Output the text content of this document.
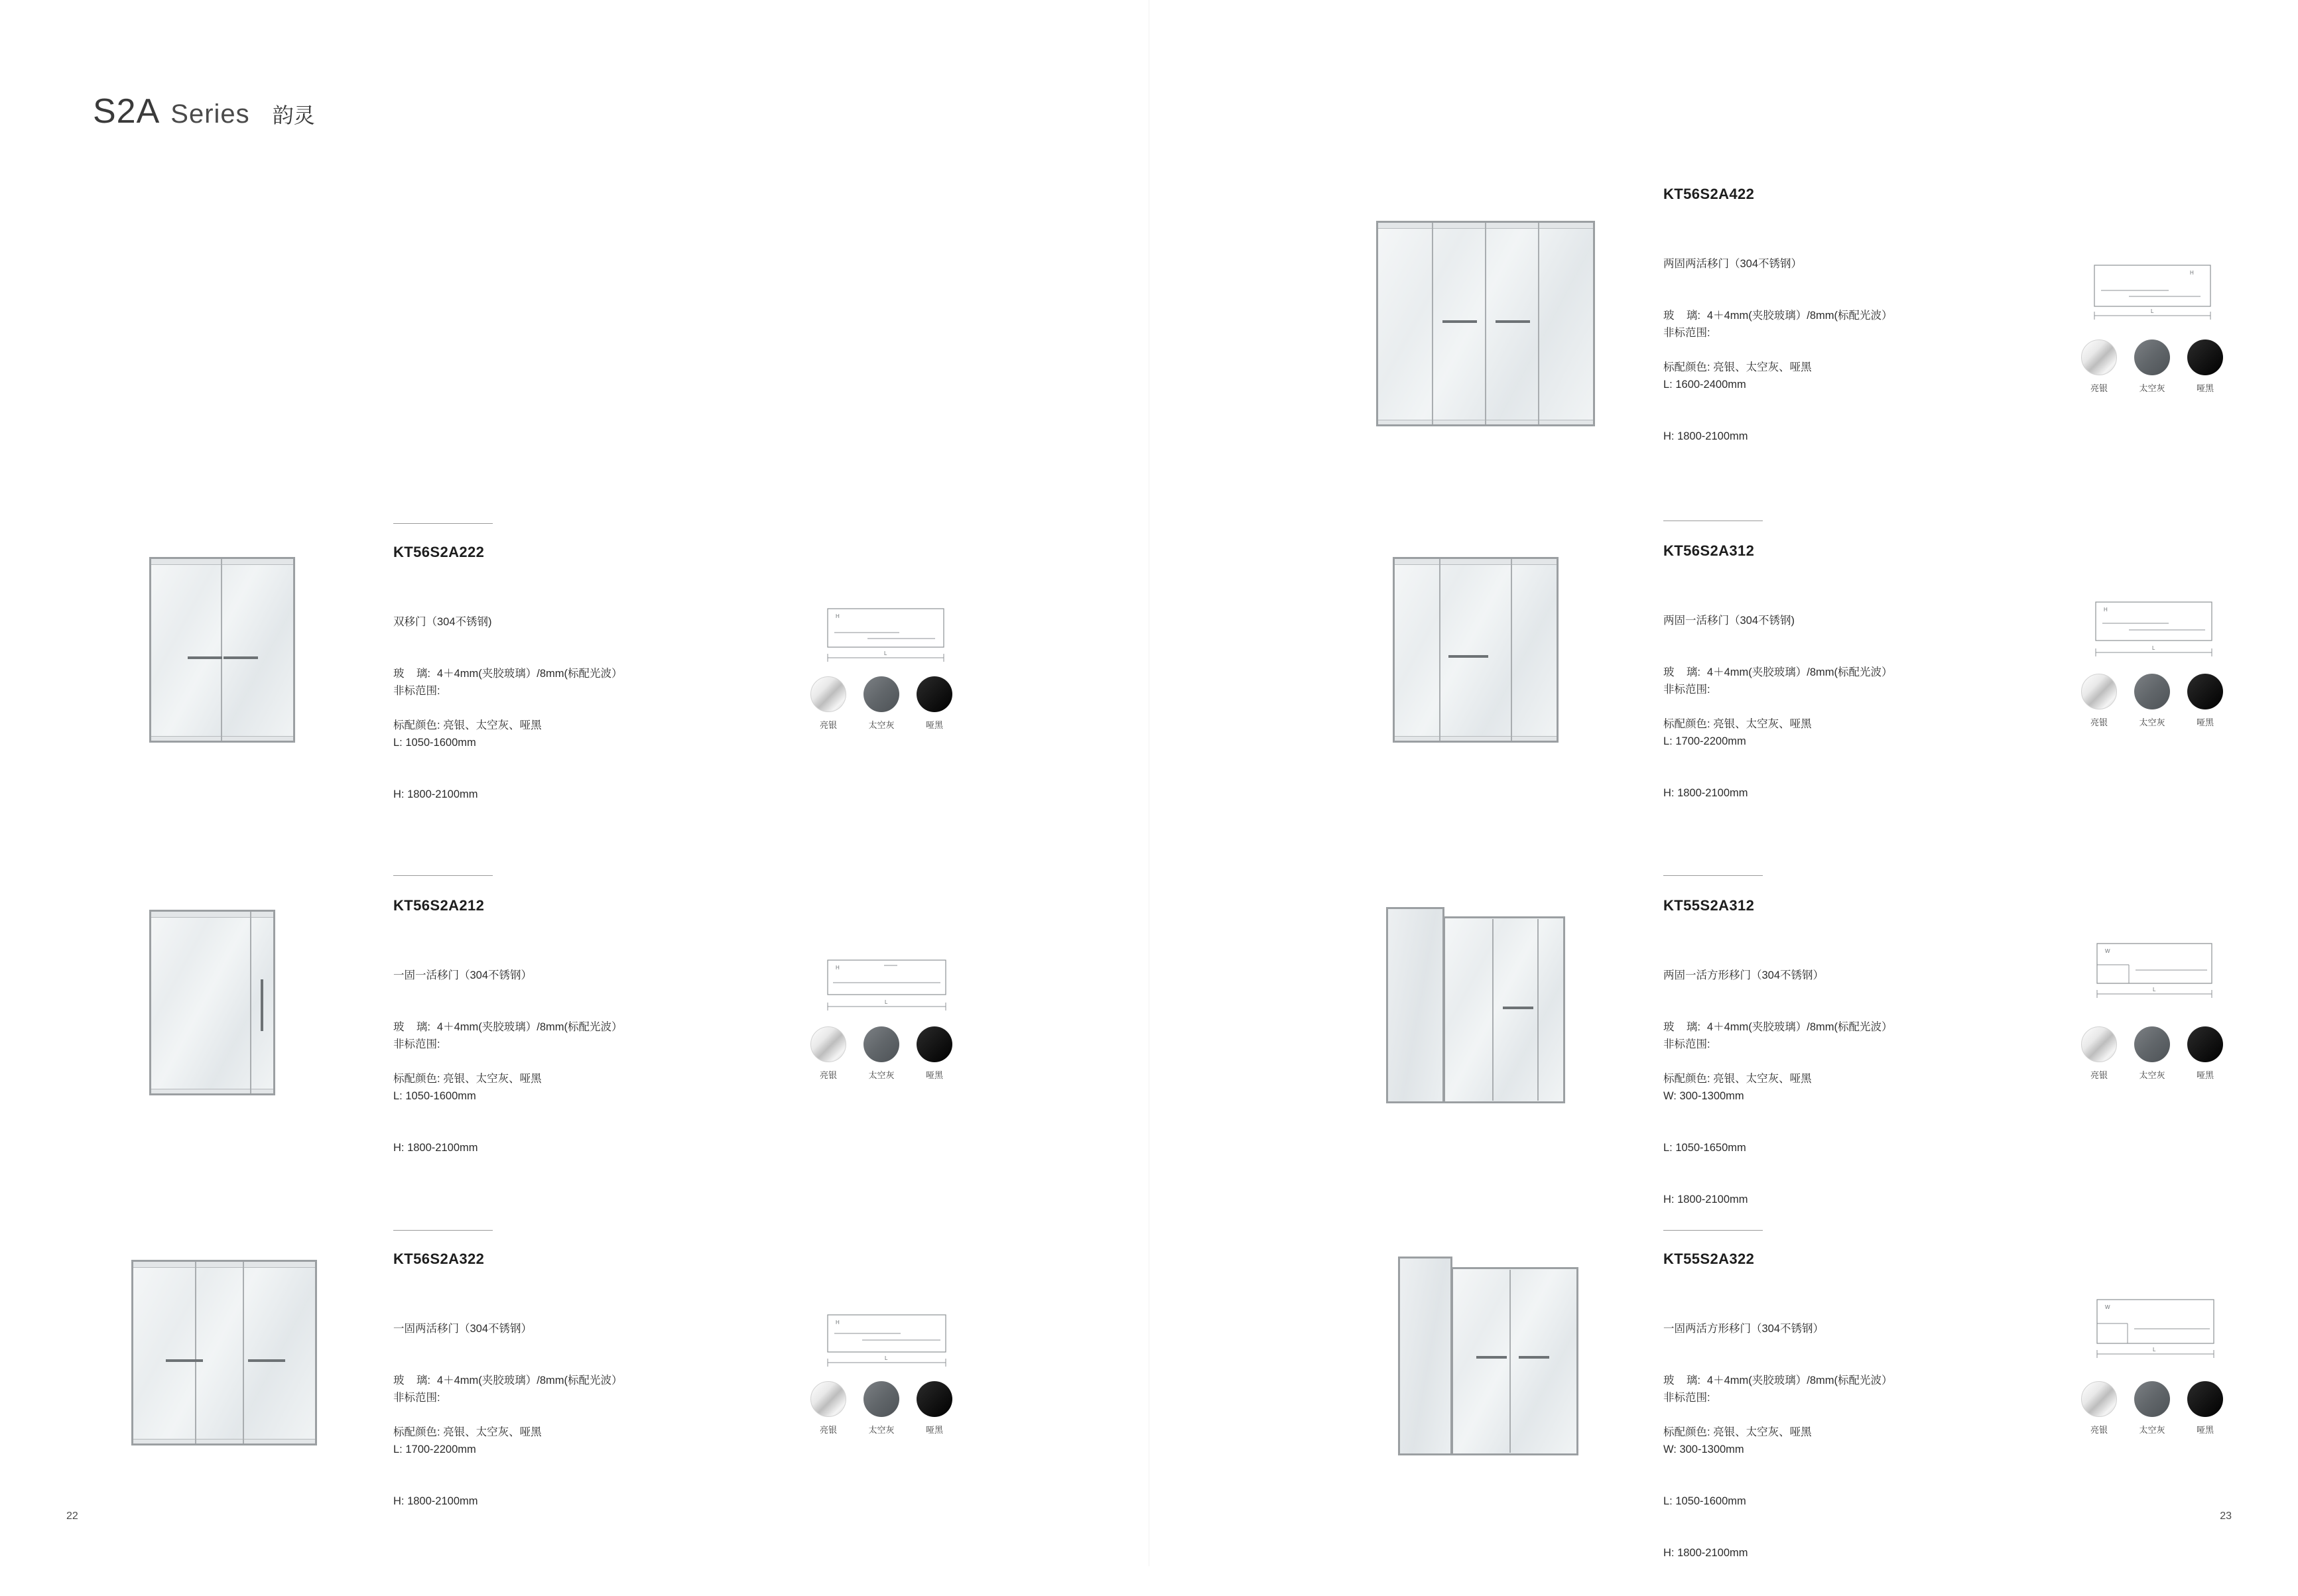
S2A Series 韵灵
KT56S2A422

两固两活移门（304不锈钢）

玻    璃: 4＋4mm(夹胶玻璃）/8mm(标配光波）

标配颜色: 亮银、太空灰、哑黑

非标范围:

L: 1600-2400mm

H: 1800-2100mm

L
H
亮银	太空灰	哑黑
KT56S2A222

双移门（304不锈钢)

玻    璃: 4＋4mm(夹胶玻璃）/8mm(标配光波）

标配颜色: 亮银、太空灰、哑黑

非标范围:

L: 1050-1600mm

H: 1800-2100mm

L
H
亮银	太空灰	哑黑
KT56S2A312

两固一活移门（304不锈钢)

玻    璃: 4＋4mm(夹胶玻璃）/8mm(标配光波）

标配颜色: 亮银、太空灰、哑黑

非标范围:

L: 1700-2200mm

H: 1800-2100mm

L
H
亮银	太空灰	哑黑
KT56S2A212

一固一活移门（304不锈钢）

玻    璃: 4＋4mm(夹胶玻璃）/8mm(标配光波）

标配颜色: 亮银、太空灰、哑黑

非标范围:

L: 1050-1600mm

H: 1800-2100mm

L
H
亮银	太空灰	哑黑
KT55S2A312

两固一活方形移门（304不锈钢）

玻    璃: 4＋4mm(夹胶玻璃）/8mm(标配光波）

标配颜色: 亮银、太空灰、哑黑

非标范围:

W: 300-1300mm

L: 1050-1650mm

H: 1800-2100mm

L
W
亮银	太空灰	哑黑
KT56S2A322

一固两活移门（304不锈钢）

玻    璃: 4＋4mm(夹胶玻璃）/8mm(标配光波）

标配颜色: 亮银、太空灰、哑黑

非标范围:

L: 1700-2200mm

H: 1800-2100mm

L
H
亮银	太空灰	哑黑
KT55S2A322

一固两活方形移门（304不锈钢）

玻    璃: 4＋4mm(夹胶玻璃）/8mm(标配光波）

标配颜色: 亮银、太空灰、哑黑

非标范围:

W: 300-1300mm

L: 1050-1600mm

H: 1800-2100mm

L
W
亮银	太空灰	哑黑
22	23
